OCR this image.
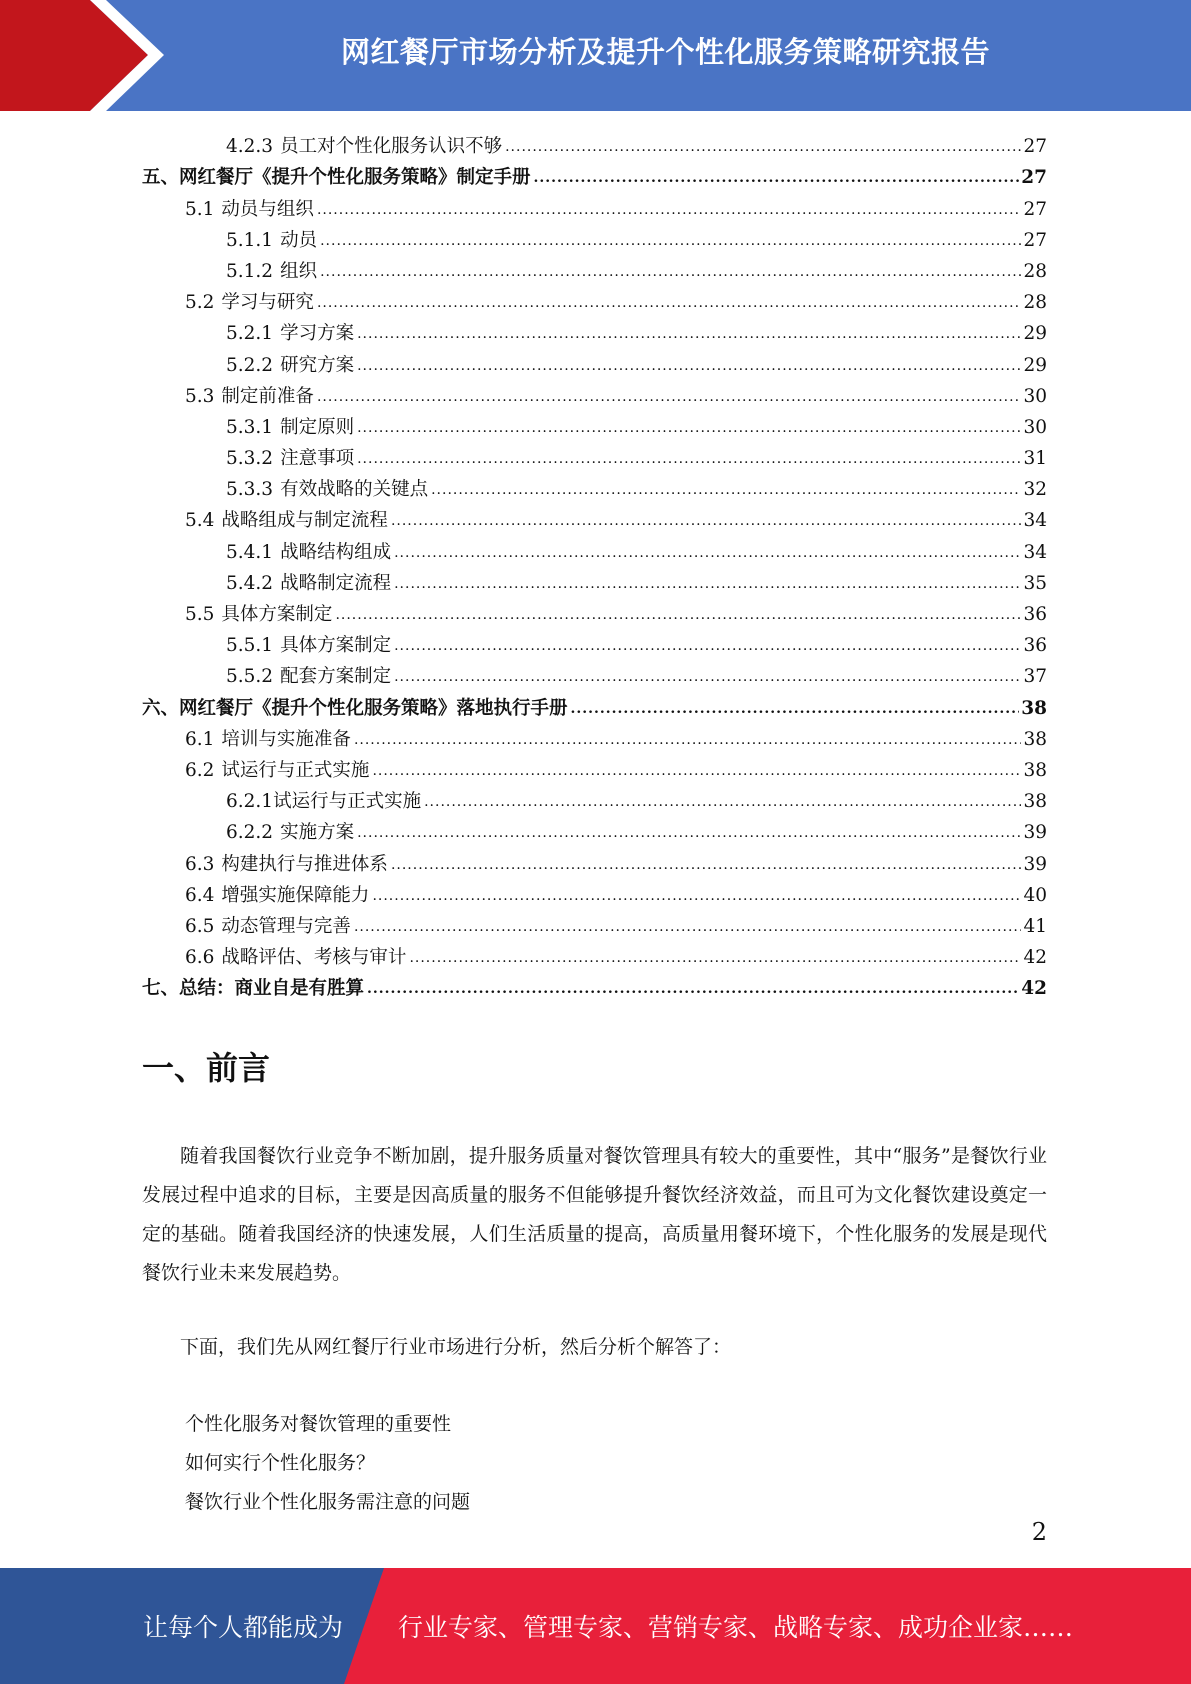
网红餐厅市场分析及提升个性化服务策略研究报告
4.2.3 员工对个性化服务认识不够 .....	27
五、网红餐厅《提升个性化服务策略》制定手册 .....	27
5.1 动员与组织 .....	27
5.1.1 动员 .....	27
5.1.2 组织 .....	28
5.2 学习与研究 .....	28
5.2.1 学习方案 .....	29
5.2.2 研究方案 .....	29
5.3 制定前准备 .....	30
5.3.1 制定原则 .....	30
5.3.2 注意事项 .....	31
5.3.3 有效战略的关键点 .....	32
5.4 战略组成与制定流程 .....	34
5.4.1 战略结构组成 .....	34
5.4.2 战略制定流程 .....	35
5.5 具体方案制定 .....	36
5.5.1 具体方案制定 .....	36
5.5.2 配套方案制定 .....	37
六、网红餐厅《提升个性化服务策略》落地执行手册 .....	38
6.1 培训与实施准备 .....	38
6.2 试运行与正式实施 .....	38
6.2.1 试运行与正式实施 .....	38
6.2.2 实施方案 .....	39
6.3 构建执行与推进体系 .....	39
6.4 增强实施保障能力 .....	40
6.5 动态管理与完善 .....	41
6.6 战略评估、考核与审计 .....	42
七、总结：商业自是有胜算 .....	42
一、前言
随着我国餐饮行业竞争不断加剧，提升服务质量对餐饮管理具有较大的重要性，其中“服务”是餐饮行业发展过程中追求的目标，主要是因高质量的服务不但能够提升餐饮经济效益，而且可为文化餐饮建设奠定一定的基础。随着我国经济的快速发展，人们生活质量的提高，高质量用餐环境下，个性化服务的发展是现代餐饮行业未来发展趋势。
下面，我们先从网红餐厅行业市场进行分析，然后分析个解答了：
个性化服务对餐饮管理的重要性
如何实行个性化服务？
餐饮行业个性化服务需注意的问题
2
让每个人都能成为 行业专家、管理专家、营销专家、战略专家、成功企业家……
